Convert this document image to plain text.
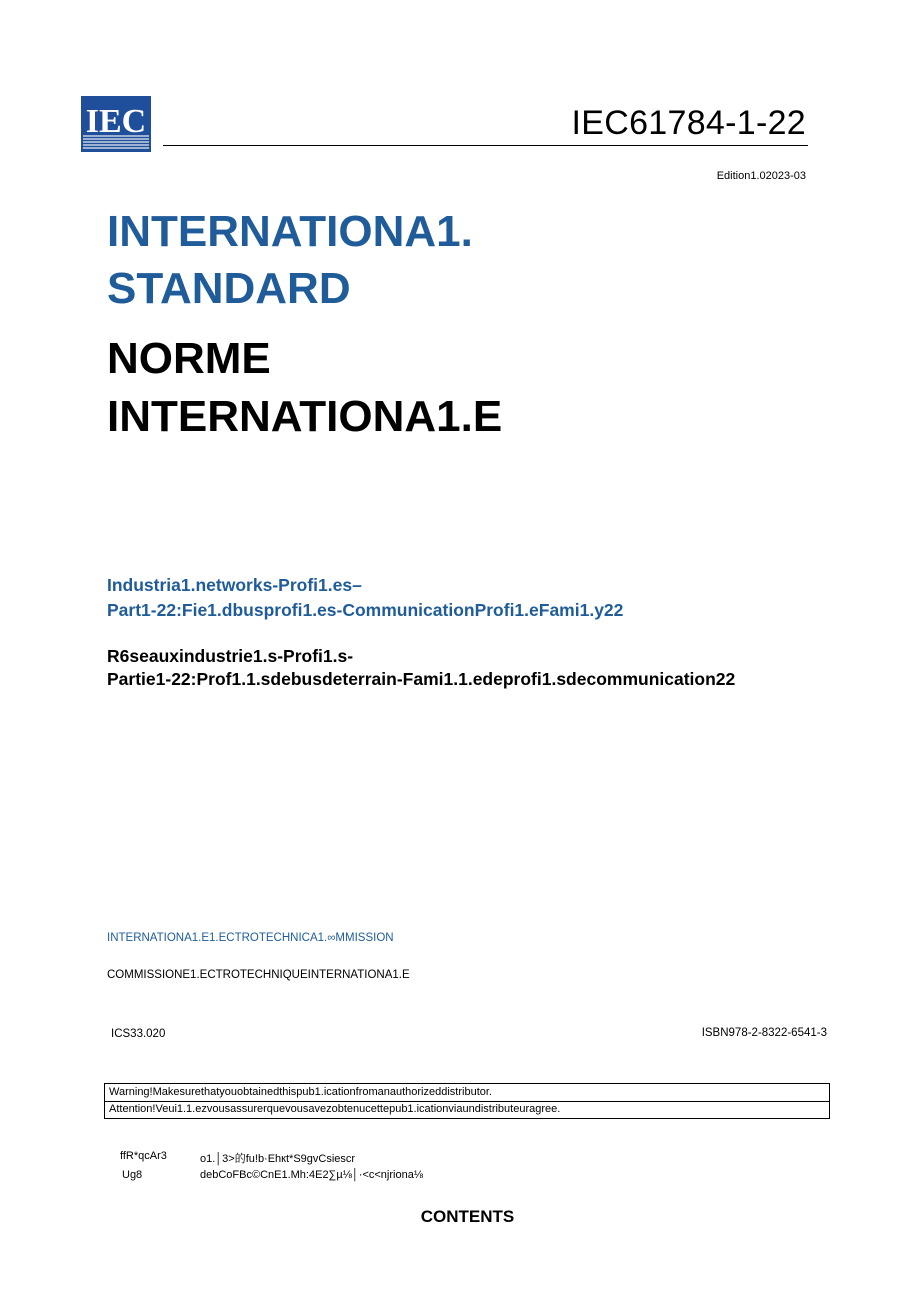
IEC	IEC61784-1-22
Edition1.02023-03
INTERNATIONA1.
STANDARD
NORME
INTERNATIONA1.E
Industria1.networks-Profi1.es–
Part1-22:Fie1.dbusprofi1.es-CommunicationProfi1.eFami1.y22
R6seauxindustrie1.s-Profi1.s-
Partie1-22:Prof1.1.sdebusdeterrain-Fami1.1.edeprofi1.sdecommunication22
INTERNATIONA1.E1.ECTROTECHNICA1.∞MMISSION
COMMISSIONE1.ECTROTECHNIQUEINTERNATIONA1.E
ICS33.020	ISBN978-2-8322-6541-3
Warning!Makesurethatyouobtainedthispub1.icationfromanauthorizeddistributor.
Attention!Veui1.1.ezvousassurerquevousavezobtenucettepub1.icationviaundistributeuragree.
ffR*qcAr3	o1.│3>的fu!b·Ehкt*S9gvCsiescr
Ug8	debCoFBc©CnE1.Mh:4E2∑µ⅛│·<c<njriona⅛
CONTENTS
